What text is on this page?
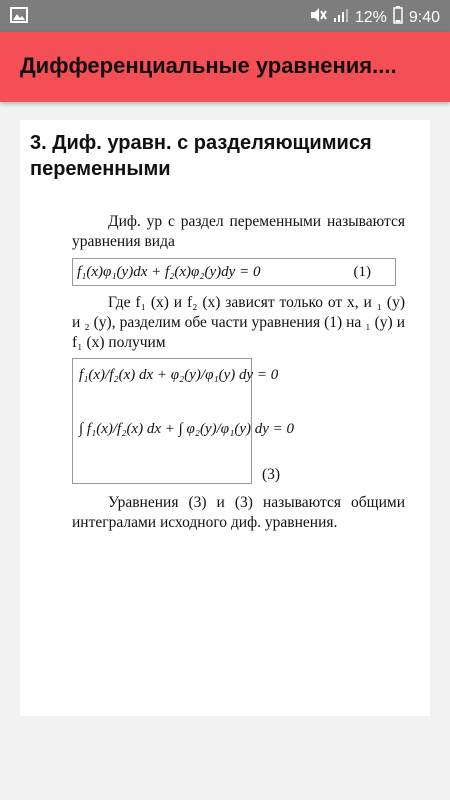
12% 9:40
Дифференциальные уравнения....
3. Диф. уравн. с разделяющимися переменными
Диф. ур с раздел переменными называются уравнения вида
f₁(x)φ₁(y)dx + f₂(x)φ₂(y)dy = 0	(1)
Где f₁ (x) и f₂ (x) зависят только от x, и ₁ (y) и ₂ (y), разделим обе части уравнения (1) на ₁ (y) и f₁ (x) получим
f₁(x)/f₂(x) dx + φ₂(y)/φ₁(y) dy = 0
∫ f₁(x)/f₂(x) dx + ∫ φ₂(y)/φ₁(y) dy = 0
(3)
Уравнения (3) и (3) называются общими интегралами исходного диф. уравнения.
